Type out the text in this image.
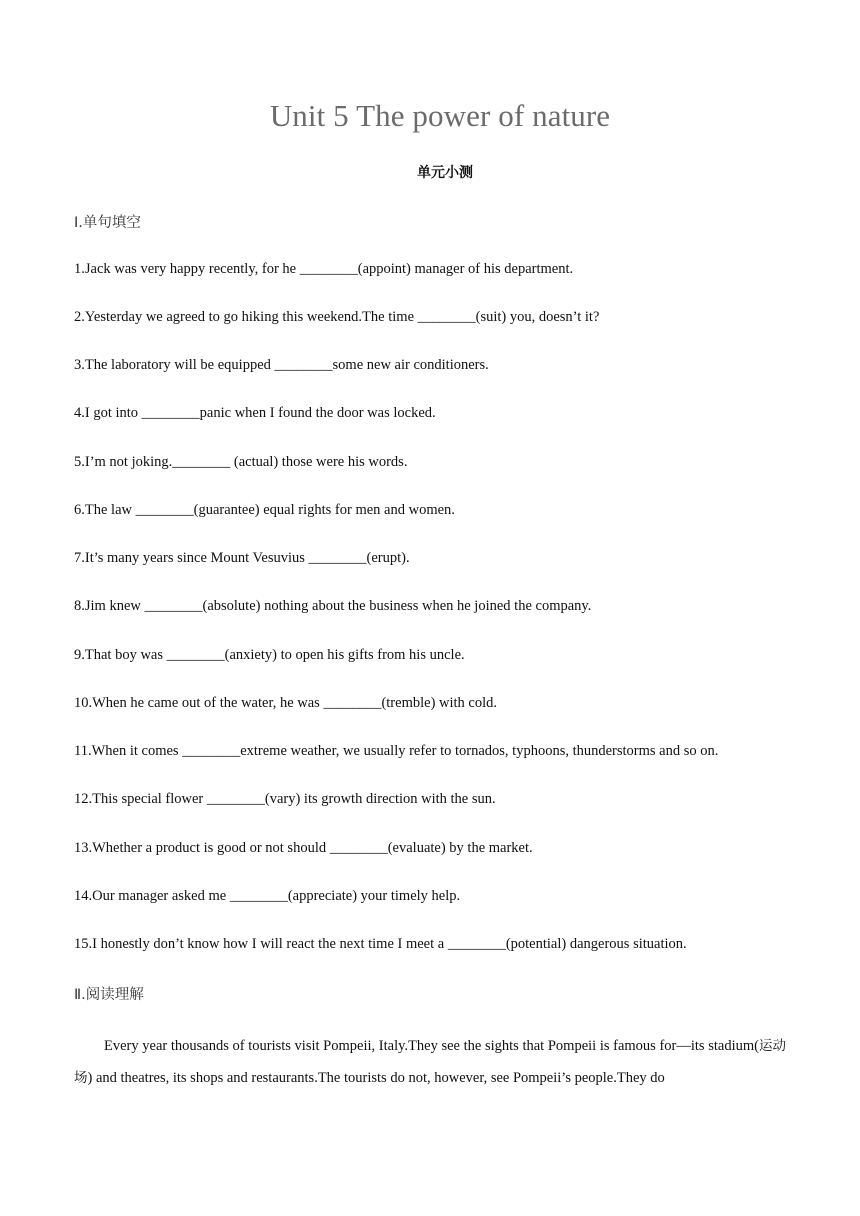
Unit 5 The power of nature
单元小测
Ⅰ.单句填空
1.Jack was very happy recently, for he ________(appoint) manager of his department.
2.Yesterday we agreed to go hiking this weekend.The time ________(suit) you, doesn’t it?
3.The laboratory will be equipped ________some new air conditioners.
4.I got into ________panic when I found the door was locked.
5.I’m not joking.________ (actual) those were his words.
6.The law ________(guarantee) equal rights for men and women.
7.It’s many years since Mount Vesuvius ________(erupt).
8.Jim knew ________(absolute) nothing about the business when he joined the company.
9.That boy was ________(anxiety) to open his gifts from his uncle.
10.When he came out of the water, he was ________(tremble) with cold.
11.When it comes ________extreme weather, we usually refer to tornados, typhoons, thunderstorms and so on.
12.This special flower ________(vary) its growth direction with the sun.
13.Whether a product is good or not should ________(evaluate) by the market.
14.Our manager asked me ________(appreciate) your timely help.
15.I honestly don’t know how I will react the next time I meet a ________(potential) dangerous situation.
Ⅱ.阅读理解
Every year thousands of tourists visit Pompeii, Italy.They see the sights that Pompeii is famous for—its stadium(运动场) and theatres, its shops and restaurants.The tourists do not, however, see Pompeii’s people.They do
